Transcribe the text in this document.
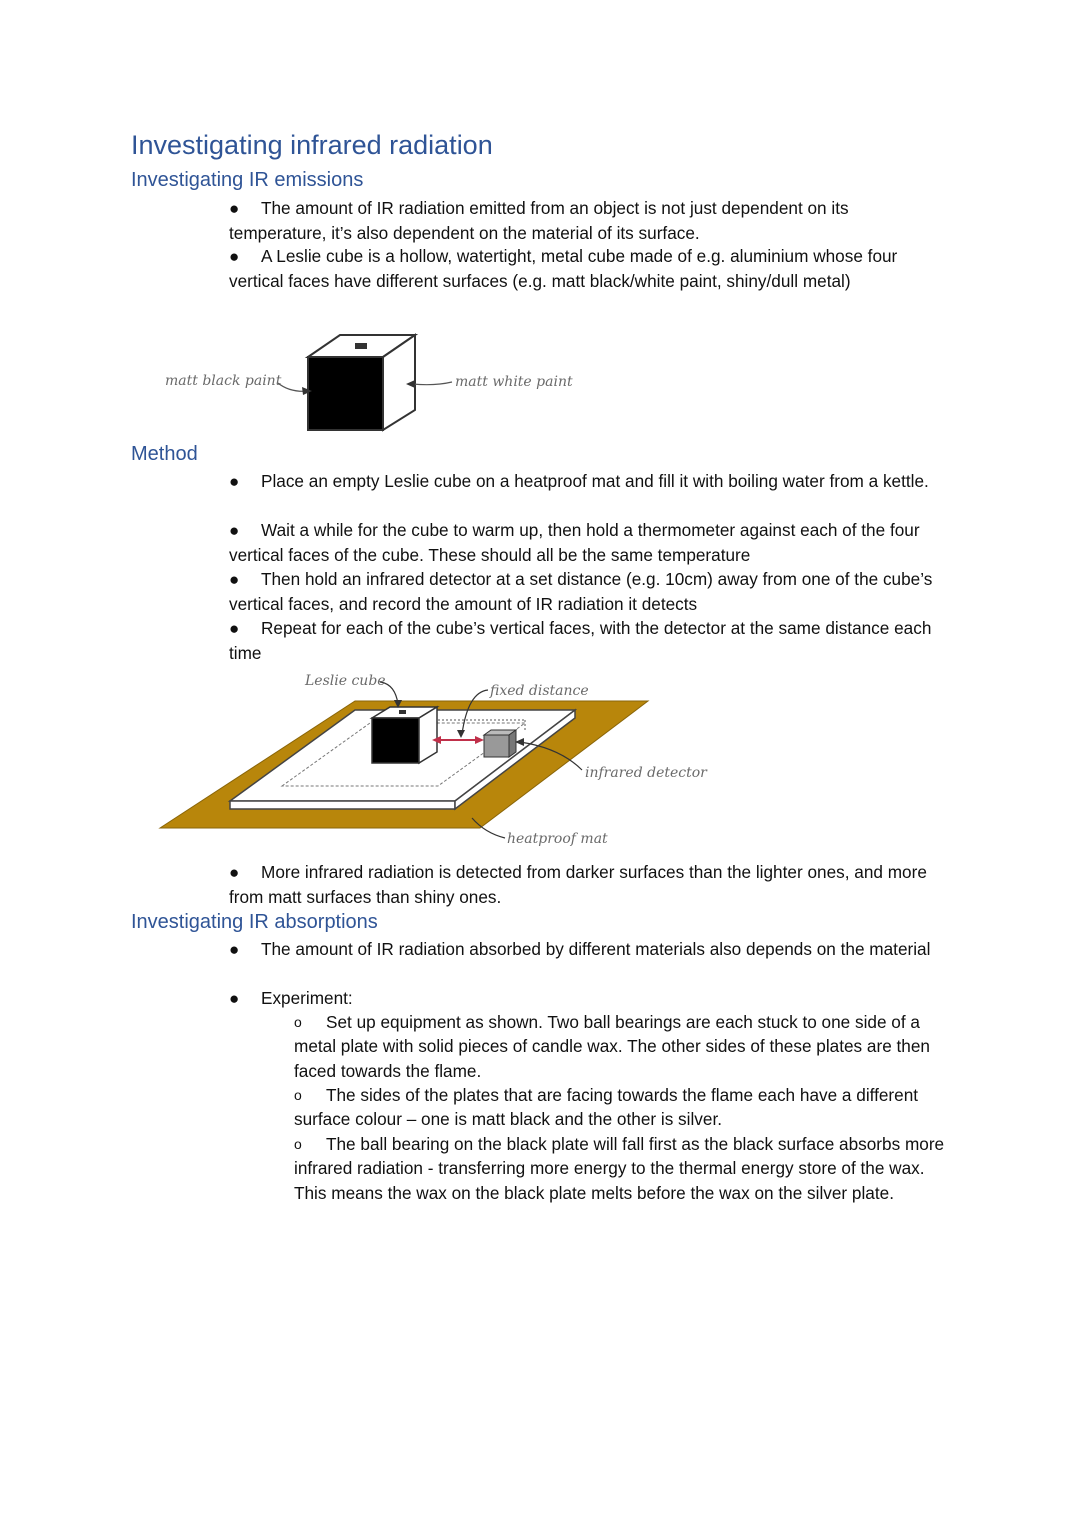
Investigating infrared radiation
Investigating IR emissions
● The amount of IR radiation emitted from an object is not just dependent on its temperature, it’s also dependent on the material of its surface.
● A Leslie cube is a hollow, watertight, metal cube made of e.g. aluminium whose four vertical faces have different surfaces (e.g. matt black/white paint, shiny/dull metal)
matt black paint	matt white paint
Method
● Place an empty Leslie cube on a heatproof mat and fill it with boiling water from a kettle.
● Wait a while for the cube to warm up, then hold a thermometer against each of the four vertical faces of the cube. These should all be the same temperature
● Then hold an infrared detector at a set distance (e.g. 10cm) away from one of the cube’s vertical faces, and record the amount of IR radiation it detects
● Repeat for each of the cube’s vertical faces, with the detector at the same distance each time
Leslie cube
fixed distance
infrared detector
heatproof mat
● More infrared radiation is detected from darker surfaces than the lighter ones, and more from matt surfaces than shiny ones.
Investigating IR absorptions
● The amount of IR radiation absorbed by different materials also depends on the material
● Experiment:
o Set up equipment as shown. Two ball bearings are each stuck to one side of a metal plate with solid pieces of candle wax. The other sides of these plates are then faced towards the flame.
o The sides of the plates that are facing towards the flame each have a different surface colour – one is matt black and the other is silver.
o The ball bearing on the black plate will fall first as the black surface absorbs more infrared radiation - transferring more energy to the thermal energy store of the wax. This means the wax on the black plate melts before the wax on the silver plate.
